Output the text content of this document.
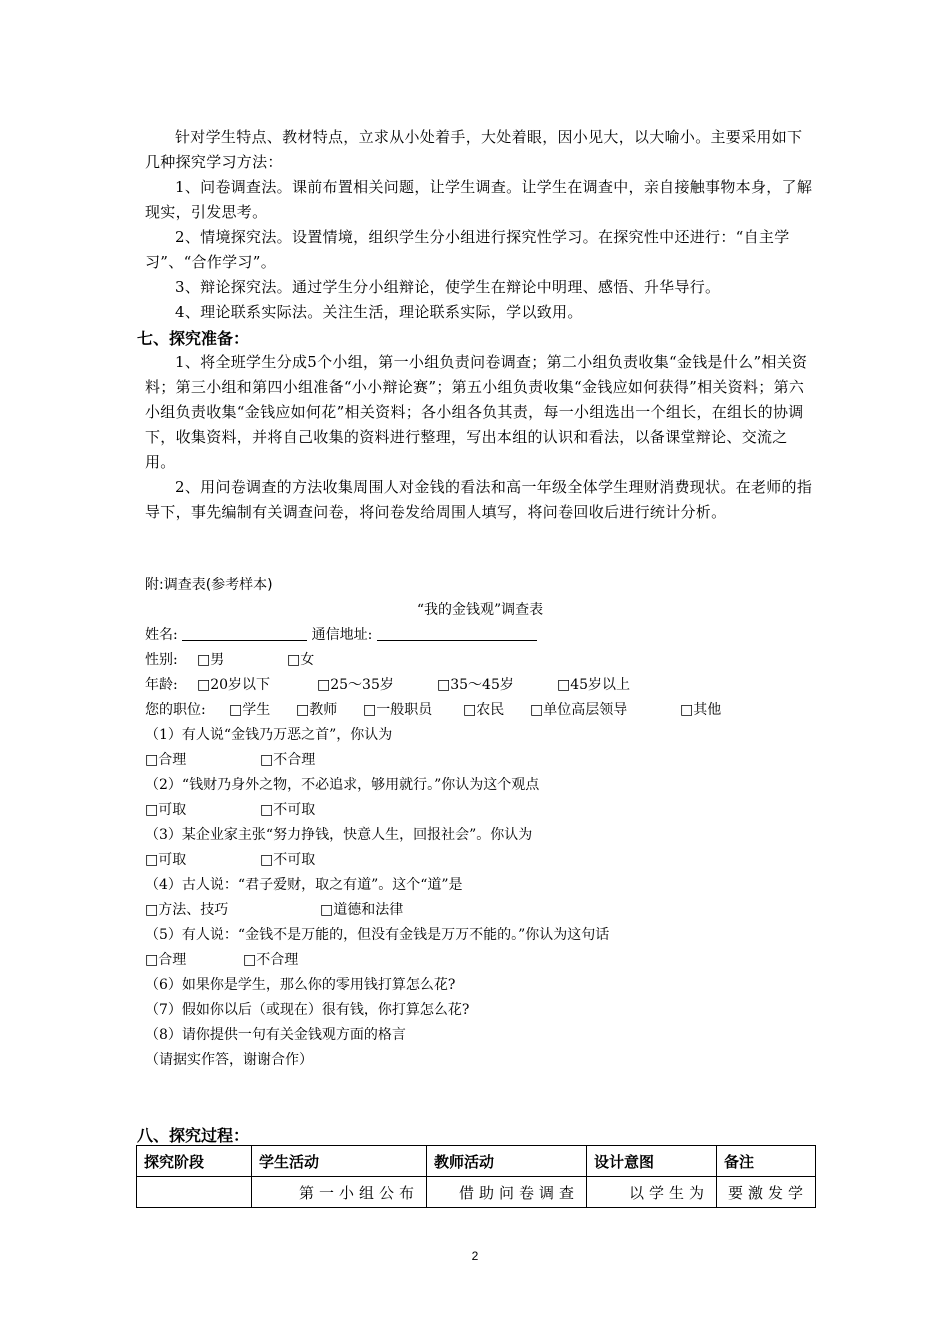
针对学生特点、教材特点，立求从小处着手，大处着眼，因小见大，以大喻小。主要采用如下几种探究学习方法：
1、问卷调查法。课前布置相关问题，让学生调查。让学生在调查中，亲自接触事物本身，了解现实，引发思考。
2、情境探究法。设置情境，组织学生分小组进行探究性学习。在探究性中还进行：“自主学习”、“合作学习”。
3、辩论探究法。通过学生分小组辩论，使学生在辩论中明理、感悟、升华导行。
4、理论联系实际法。关注生活，理论联系实际，学以致用。
七、探究准备：
1、将全班学生分成5个小组，第一小组负责问卷调查；第二小组负责收集“金钱是什么”相关资料；第三小组和第四小组准备“小小辩论赛”；第五小组负责收集“金钱应如何获得”相关资料；第六小组负责收集“金钱应如何花”相关资料；各小组各负其责，每一小组选出一个组长，在组长的协调下，收集资料，并将自己收集的资料进行整理，写出本组的认识和看法，以备课堂辩论、交流之用。
2、用问卷调查的方法收集周围人对金钱的看法和高一年级全体学生理财消费现状。在老师的指导下，事先编制有关调查问卷，将问卷发给周围人填写，将问卷回收后进行统计分析。
附:调查表(参考样本)
“我的金钱观”调查表
姓名:	通信地址:
性别: □男	□女
年龄: □20岁以下	□25～35岁	□35～45岁	□45岁以上
您的职位: □学生 □教师 □一般职员 □农民 □单位高层领导	□其他
（1）有人说“金钱乃万恶之首”，你认为
□合理	□不合理
（2）“钱财乃身外之物，不必追求，够用就行。”你认为这个观点
□可取	□不可取
（3）某企业家主张“努力挣钱，快意人生，回报社会”。你认为
□可取	□不可取
（4）古人说：“君子爱财，取之有道”。这个“道”是
□方法、技巧	□道德和法律
（5）有人说：“金钱不是万能的，但没有金钱是万万不能的。”你认为这句话
□合理	□不合理
（6）如果你是学生，那么你的零用钱打算怎么花?
（7）假如你以后（或现在）很有钱，你打算怎么花?
（8）请你提供一句有关金钱观方面的格言
（请据实作答，谢谢合作）
八、探究过程：
探究阶段	学生活动	教师活动	设计意图	备注
	第一小组公布	借助问卷调查	以学生为	要激发学
2
